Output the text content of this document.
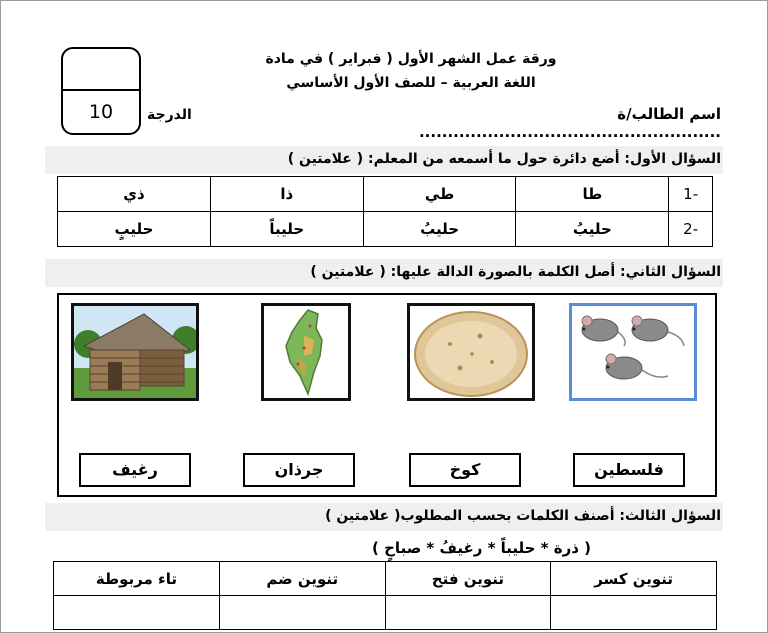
10
ورقة عمل الشهر الأول ( فبراير ) في مادة
اللغة العربية – للصف الأول الأساسي
الدرجة	اسم الطالب/ة .....................................................
السؤال الأول: أضع دائرة حول ما أسمعه من المعلم: ( علامتين )
-1	طا	طي	ذا	ذي
-2	حليبُ	حليبُ	حليباً	حليبٍ
السؤال الثاني: أصل الكلمة بالصورة الدالة عليها: ( علامتين )
فلسطين
كوخ
جرذان
رغيف
السؤال الثالث: أصنف الكلمات بحسب المطلوب( علامتين )
( ذرة * حليباً * رغيفُ * صباحٍ )
تنوين كسر	تنوين فتح	تنوين ضم	تاء مربوطة
